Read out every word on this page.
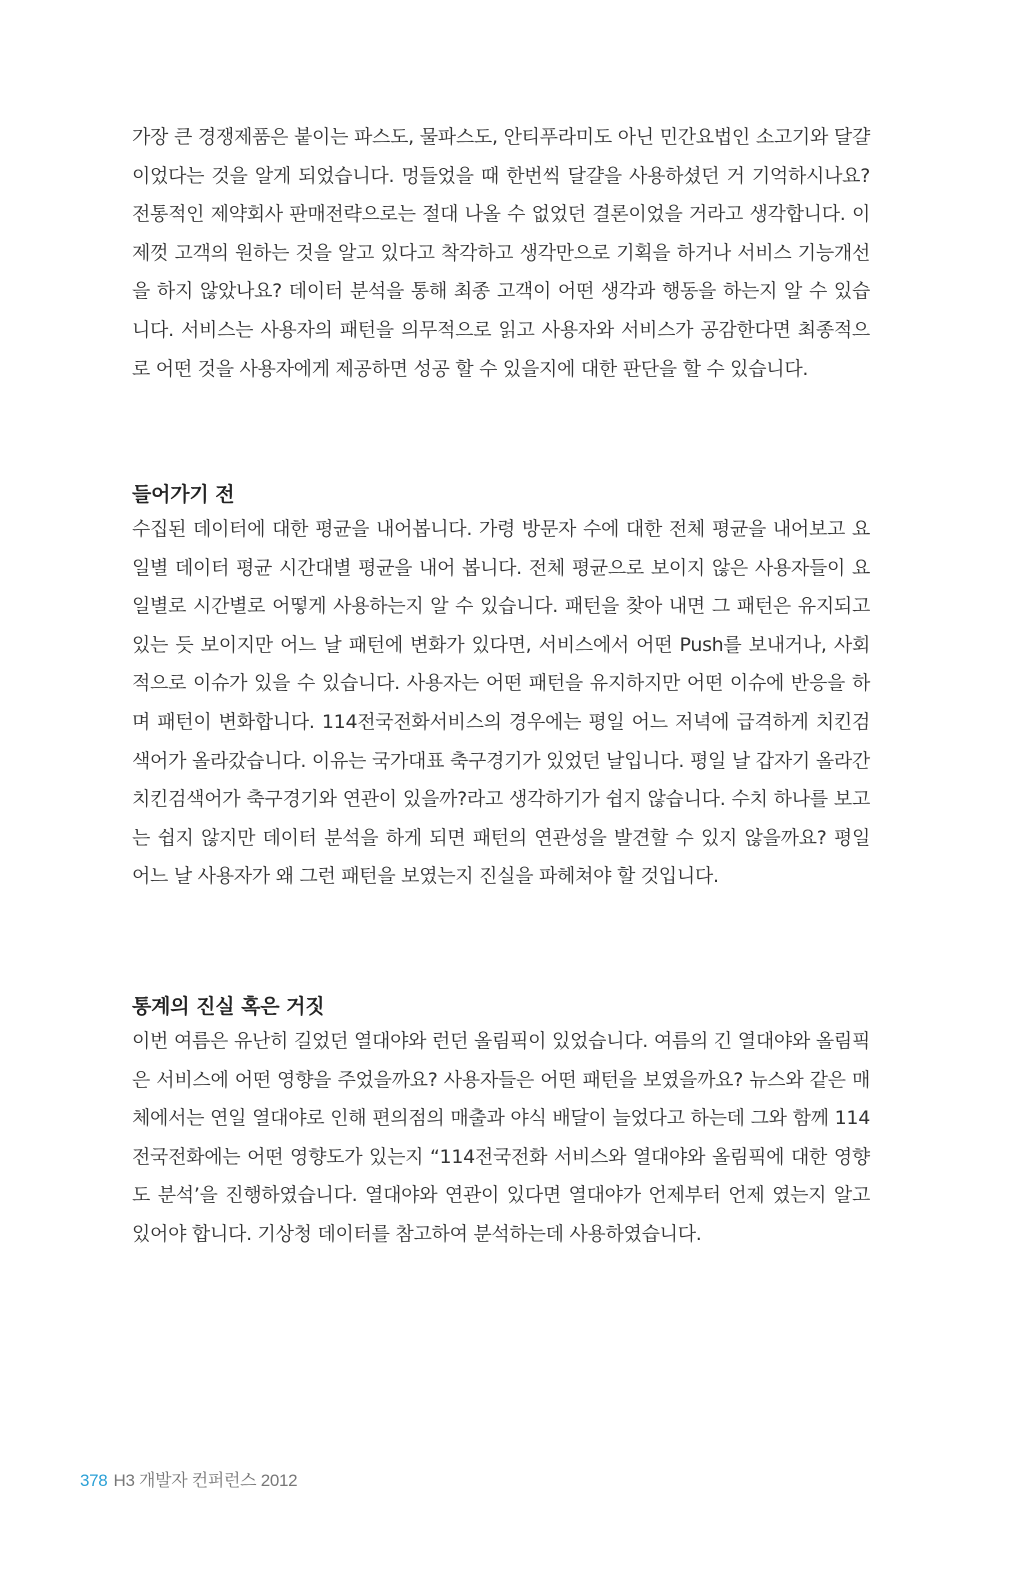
가장 큰 경쟁제품은 붙이는 파스도, 물파스도, 안티푸라미도 아닌 민간요법인 소고기와 달걀이었다는 것을 알게 되었습니다. 멍들었을 때 한번씩 달걀을 사용하셨던 거 기억하시나요? 전통적인 제약회사 판매전략으로는 절대 나올 수 없었던 결론이었을 거라고 생각합니다. 이제껏 고객의 원하는 것을 알고 있다고 착각하고 생각만으로 기획을 하거나 서비스 기능개선을 하지 않았나요? 데이터 분석을 통해 최종 고객이 어떤 생각과 행동을 하는지 알 수 있습니다. 서비스는 사용자의 패턴을 의무적으로 읽고 사용자와 서비스가 공감한다면 최종적으로 어떤 것을 사용자에게 제공하면 성공 할 수 있을지에 대한 판단을 할 수 있습니다.

들어가기 전

수집된 데이터에 대한 평균을 내어봅니다. 가령 방문자 수에 대한 전체 평균을 내어보고 요일별 데이터 평균 시간대별 평균을 내어 봅니다. 전체 평균으로 보이지 않은 사용자들이 요일별로 시간별로 어떻게 사용하는지 알 수 있습니다. 패턴을 찾아 내면 그 패턴은 유지되고 있는 듯 보이지만 어느 날 패턴에 변화가 있다면, 서비스에서 어떤 Push를 보내거나, 사회적으로 이슈가 있을 수 있습니다. 사용자는 어떤 패턴을 유지하지만 어떤 이슈에 반응을 하며 패턴이 변화합니다. 114전국전화서비스의 경우에는 평일 어느 저녁에 급격하게 치킨검색어가 올라갔습니다. 이유는 국가대표 축구경기가 있었던 날입니다. 평일 날 갑자기 올라간 치킨검색어가 축구경기와 연관이 있을까?라고 생각하기가 쉽지 않습니다. 수치 하나를 보고는 쉽지 않지만 데이터 분석을 하게 되면 패턴의 연관성을 발견할 수 있지 않을까요? 평일 어느 날 사용자가 왜 그런 패턴을 보였는지 진실을 파헤쳐야 할 것입니다.

통계의 진실 혹은 거짓

이번 여름은 유난히 길었던 열대야와 런던 올림픽이 있었습니다. 여름의 긴 열대야와 올림픽은 서비스에 어떤 영향을 주었을까요? 사용자들은 어떤 패턴을 보였을까요? 뉴스와 같은 매체에서는 연일 열대야로 인해 편의점의 매출과 야식 배달이 늘었다고 하는데 그와 함께 114전국전화에는 어떤 영향도가 있는지 “114전국전화 서비스와 열대야와 올림픽에 대한 영향도 분석’을 진행하였습니다. 열대야와 연관이 있다면 열대야가 언제부터 언제 였는지 알고 있어야 합니다. 기상청 데이터를 참고하여 분석하는데 사용하였습니다.

378 H3 개발자 컨퍼런스 2012
